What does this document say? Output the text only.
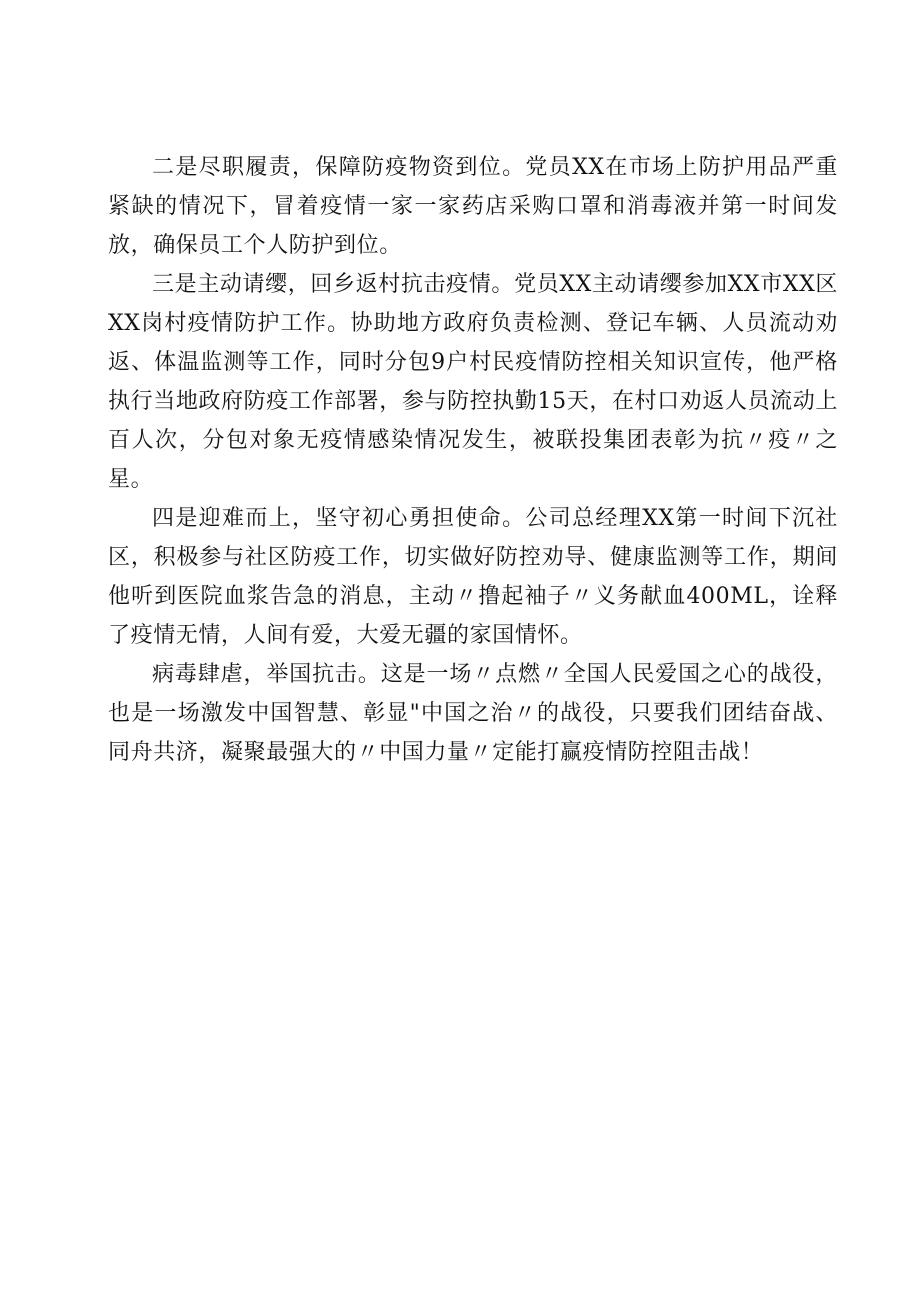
二是尽职履责，保障防疫物资到位。党员XX在市场上防护用品严重紧缺的情况下，冒着疫情一家一家药店采购口罩和消毒液并第一时间发放，确保员工个人防护到位。

三是主动请缨，回乡返村抗击疫情。党员XX主动请缨参加XX市XX区XX岗村疫情防护工作。协助地方政府负责检测、登记车辆、人员流动劝返、体温监测等工作，同时分包9户村民疫情防控相关知识宣传，他严格执行当地政府防疫工作部署，参与防控执勤15天，在村口劝返人员流动上百人次，分包对象无疫情感染情况发生，被联投集团表彰为抗〃疫〃之星。

四是迎难而上，坚守初心勇担使命。公司总经理XX第一时间下沉社区，积极参与社区防疫工作，切实做好防控劝导、健康监测等工作，期间他听到医院血浆告急的消息，主动〃撸起袖子〃义务献血400ML，诠释了疫情无情，人间有爱，大爱无疆的家国情怀。

病毒肆虐，举国抗击。这是一场〃点燃〃全国人民爱国之心的战役，也是一场激发中国智慧、彰显"中国之治〃的战役，只要我们团结奋战、同舟共济，凝聚最强大的〃中国力量〃定能打赢疫情防控阻击战！
